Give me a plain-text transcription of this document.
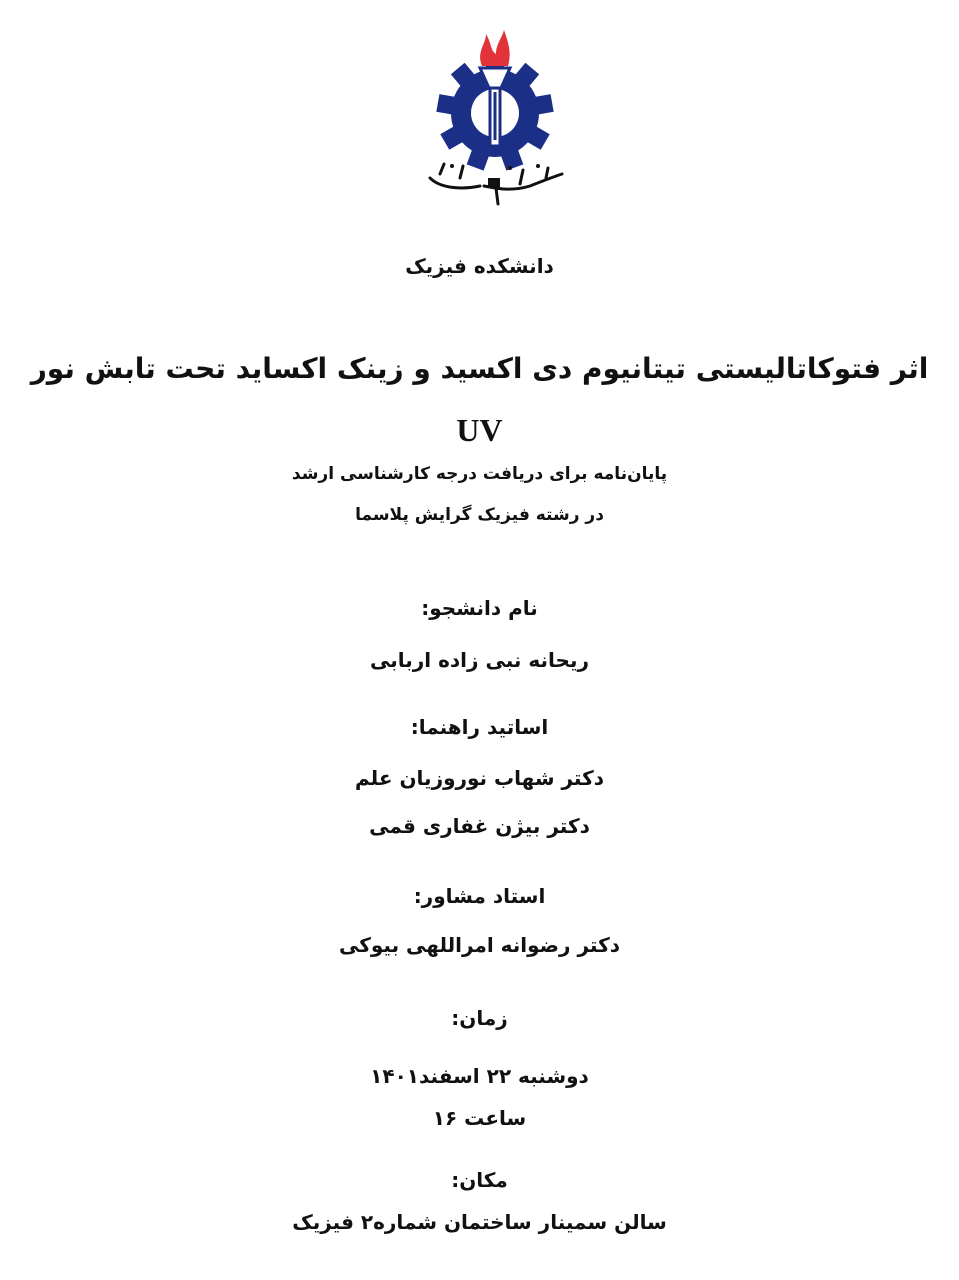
دانشکده فیزیک
اثر فتوکاتالیستی تیتانیوم دی اکسید و زینک اکساید تحت تابش نور
UV
پایان‌نامه برای دریافت درجه کارشناسی ارشد
در رشته فیزیک گرایش پلاسما
نام دانشجو:
ریحانه نبی زاده اربابی
اساتید راهنما:
دکتر شهاب نوروزیان علم
دکتر بیژن غفاری قمی
استاد مشاور:
دکتر رضوانه امراللهی بیوکی
زمان:
دوشنبه ۲۲ اسفند۱۴۰۱
ساعت ۱۶
مکان:
سالن سمینار ساختمان شماره۲ فیزیک
